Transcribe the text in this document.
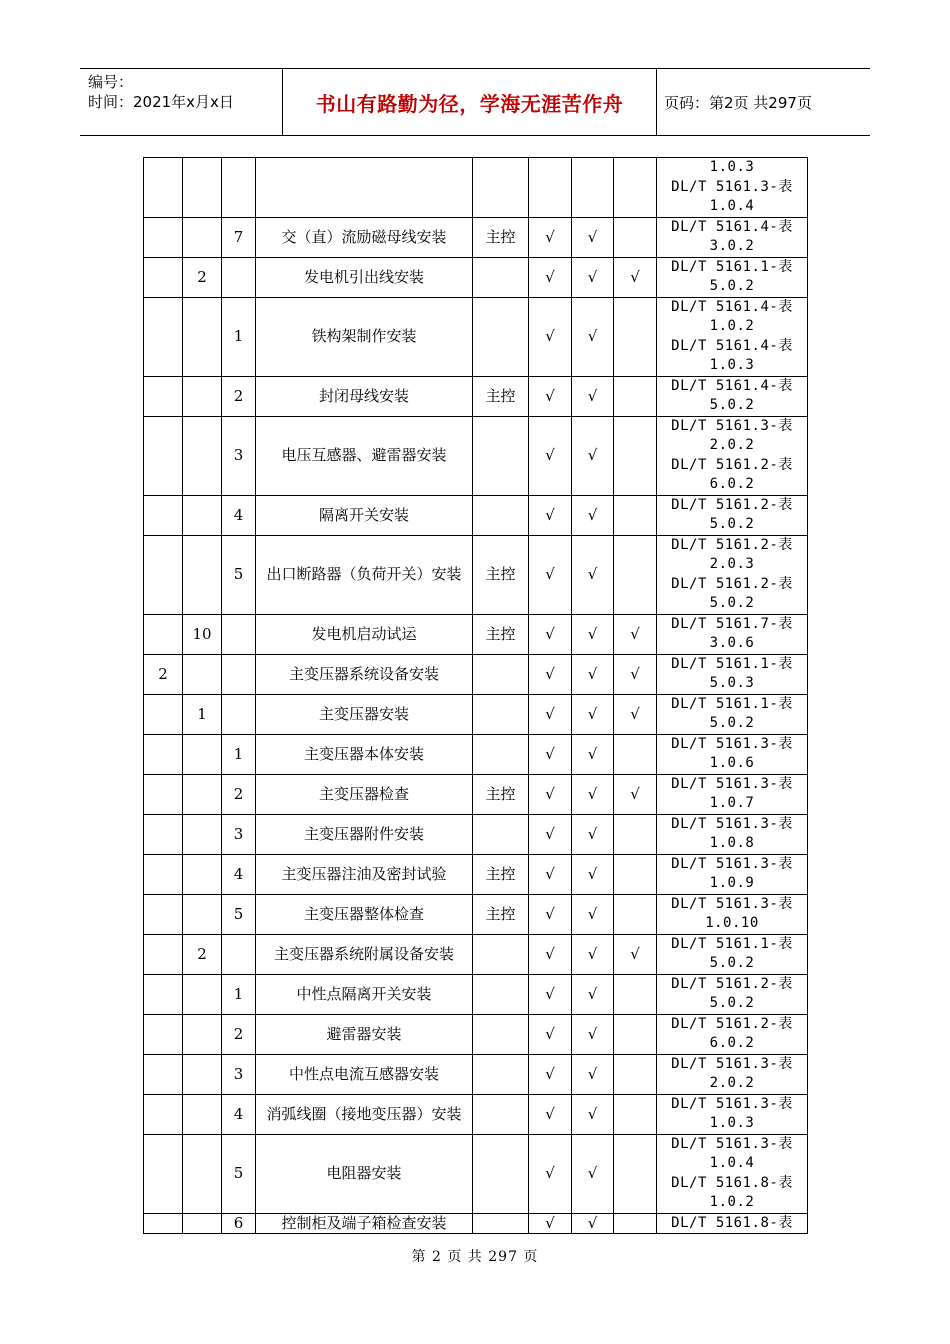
编号：
时间：2021年x月x日	书山有路勤为径，学海无涯苦作舟	页码：第2页 共297页

								1.0.3
DL/T 5161.3-表
1.0.4

		7	交（直）流励磁母线安装	主控	√	√		DL/T 5161.4-表
3.0.2

	2		发电机引出线安装		√	√	√	DL/T 5161.1-表
5.0.2

		1	铁构架制作安装		√	√		DL/T 5161.4-表
1.0.2
DL/T 5161.4-表
1.0.3

		2	封闭母线安装	主控	√	√		DL/T 5161.4-表
5.0.2

		3	电压互感器、避雷器安装		√	√		DL/T 5161.3-表
2.0.2
DL/T 5161.2-表
6.0.2

		4	隔离开关安装		√	√		DL/T 5161.2-表
5.0.2

		5	出口断路器（负荷开关）安装	主控	√	√		DL/T 5161.2-表
2.0.3
DL/T 5161.2-表
5.0.2

	10		发电机启动试运	主控	√	√	√	DL/T 5161.7-表
3.0.6

2			主变压器系统设备安装		√	√	√	DL/T 5161.1-表
5.0.3

	1		主变压器安装		√	√	√	DL/T 5161.1-表
5.0.2

		1	主变压器本体安装		√	√		DL/T 5161.3-表
1.0.6

		2	主变压器检查	主控	√	√	√	DL/T 5161.3-表
1.0.7

		3	主变压器附件安装		√	√		DL/T 5161.3-表
1.0.8

		4	主变压器注油及密封试验	主控	√	√		DL/T 5161.3-表
1.0.9

		5	主变压器整体检查	主控	√	√		DL/T 5161.3-表
1.0.10

	2		主变压器系统附属设备安装		√	√	√	DL/T 5161.1-表
5.0.2

		1	中性点隔离开关安装		√	√		DL/T 5161.2-表
5.0.2

		2	避雷器安装		√	√		DL/T 5161.2-表
6.0.2

		3	中性点电流互感器安装		√	√		DL/T 5161.3-表
2.0.2

		4	消弧线圈（接地变压器）安装		√	√		DL/T 5161.3-表
1.0.3

		5	电阻器安装		√	√		DL/T 5161.3-表
1.0.4
DL/T 5161.8-表
1.0.2

		6	控制柜及端子箱检查安装		√	√		DL/T 5161.8-表
第 2 页 共 297 页
